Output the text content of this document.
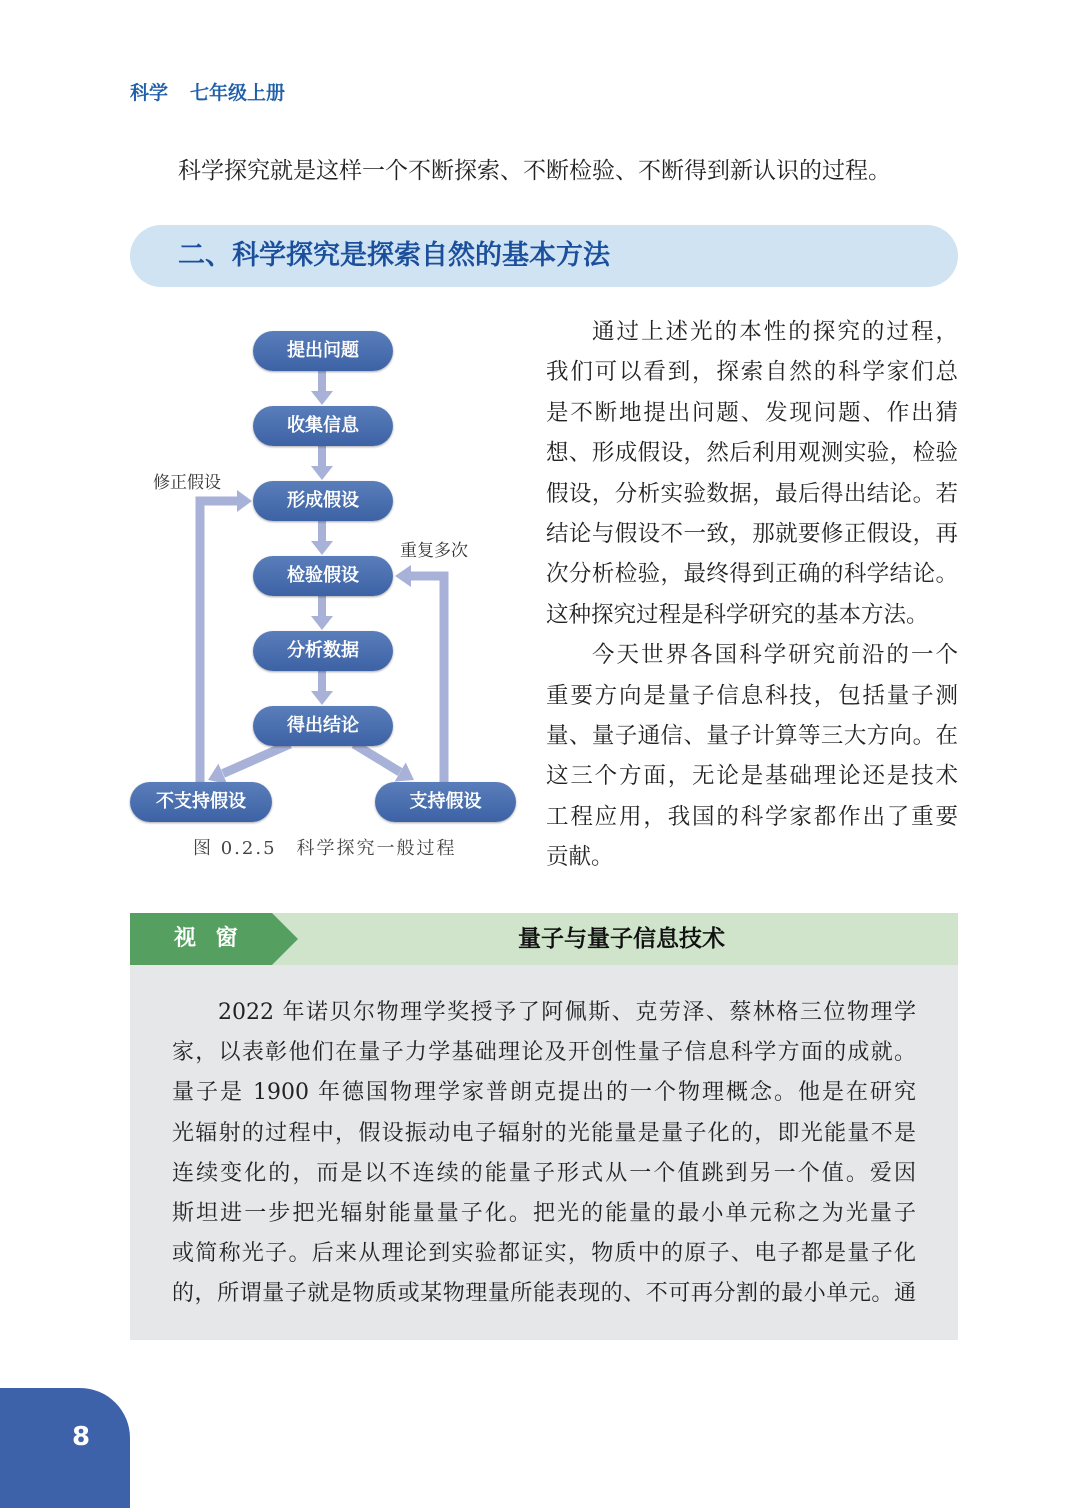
科学 七年级上册
科学探究就是这样一个不断探索、不断检验、不断得到新认识的过程。
二、科学探究是探索自然的基本方法
提出问题
收集信息
形成假设
检验假设
分析数据
得出结论
不支持假设	支持假设
修正假设
重复多次
图 0.2.5 科学探究一般过程
通过上述光的本性的探究的过程，
我们可以看到，探索自然的科学家们总
是不断地提出问题、发现问题、作出猜
想、形成假设，然后利用观测实验，检验
假设，分析实验数据，最后得出结论。若
结论与假设不一致，那就要修正假设，再
次分析检验，最终得到正确的科学结论。
这种探究过程是科学研究的基本方法。
今天世界各国科学研究前沿的一个
重要方向是量子信息科技，包括量子测
量、量子通信、量子计算等三大方向。在
这三个方面，无论是基础理论还是技术
工程应用，我国的科学家都作出了重要
贡献。
视 窗	量子与量子信息技术
2022 年诺贝尔物理学奖授予了阿佩斯、克劳泽、蔡林格三位物理学
家，以表彰他们在量子力学基础理论及开创性量子信息科学方面的成就。
量子是 1900 年德国物理学家普朗克提出的一个物理概念。他是在研究
光辐射的过程中，假设振动电子辐射的光能量是量子化的，即光能量不是
连续变化的，而是以不连续的能量子形式从一个值跳到另一个值。爱因
斯坦进一步把光辐射能量量子化。把光的能量的最小单元称之为光量子
或简称光子。后来从理论到实验都证实，物质中的原子、电子都是量子化
的，所谓量子就是物质或某物理量所能表现的、不可再分割的最小单元。通
8
